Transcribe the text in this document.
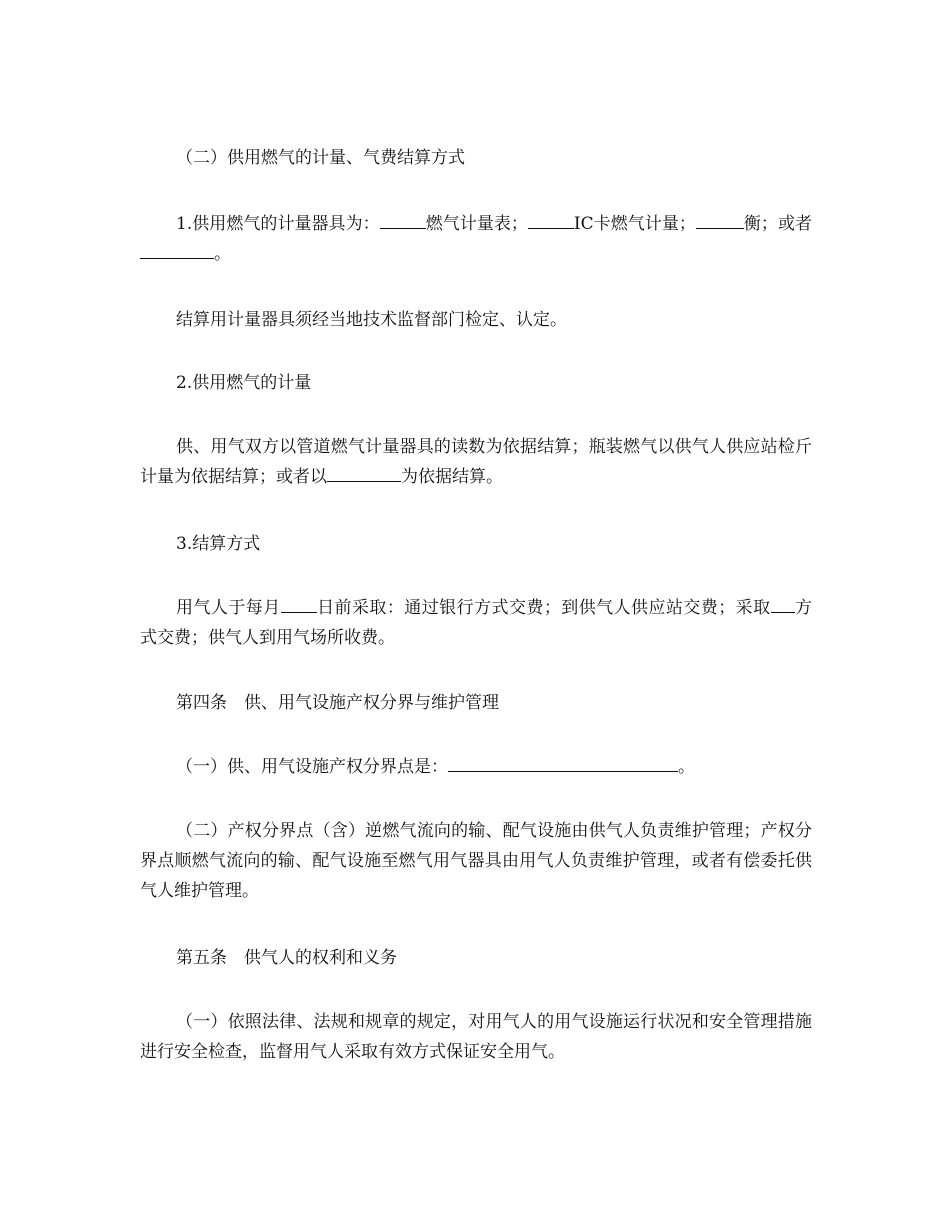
（二）供用燃气的计量、气费结算方式

1.供用燃气的计量器具为：	燃气计量表；	IC卡燃气计量；	衡；或者。

结算用计量器具须经当地技术监督部门检定、认定。

2.供用燃气的计量

供、用气双方以管道燃气计量器具的读数为依据结算；瓶装燃气以供气人供应站检斤计量为依据结算；或者以	为依据结算。

3.结算方式

用气人于每月 日前采取：通过银行方式交费；到供气人供应站交费；采取 方式交费；供气人到用气场所收费。

第四条　供、用气设施产权分界与维护管理

（一）供、用气设施产权分界点是：	。

（二）产权分界点（含）逆燃气流向的输、配气设施由供气人负责维护管理；产权分界点顺燃气流向的输、配气设施至燃气用气器具由用气人负责维护管理，或者有偿委托供气人维护管理。

第五条　供气人的权利和义务

（一）依照法律、法规和规章的规定，对用气人的用气设施运行状况和安全管理措施进行安全检查，监督用气人采取有效方式保证安全用气。
